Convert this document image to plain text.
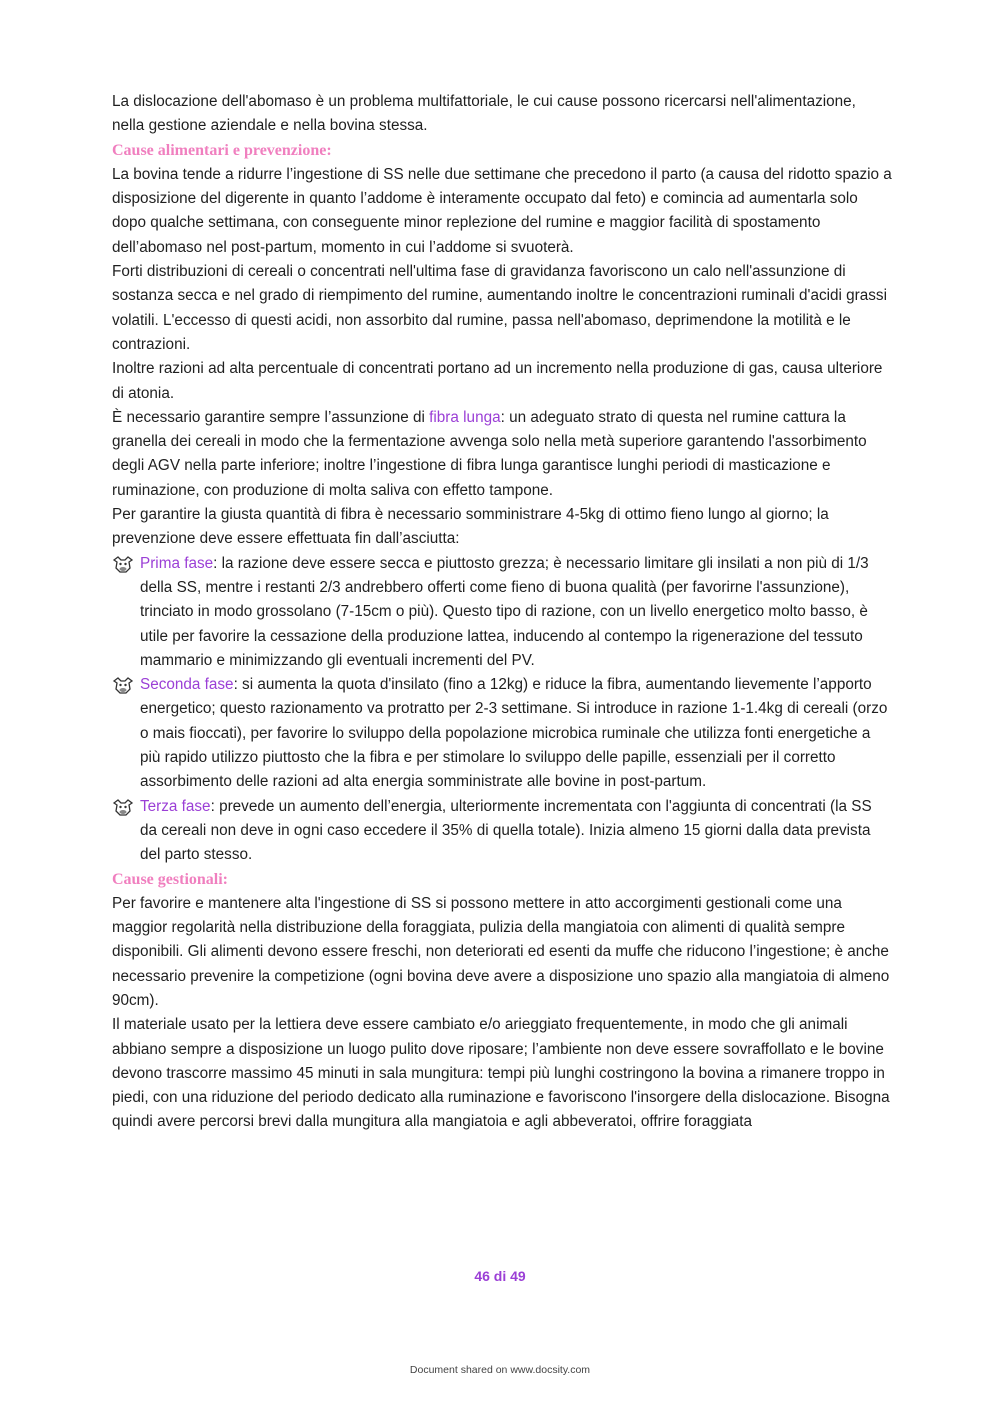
La dislocazione dell'abomaso è un problema multifattoriale, le cui cause possono ricercarsi nell'alimentazione, nella gestione aziendale e nella bovina stessa.

Cause alimentari e prevenzione:

La bovina tende a ridurre l’ingestione di SS nelle due settimane che precedono il parto (a causa del ridotto spazio a disposizione del digerente in quanto l’addome è interamente occupato dal feto) e comincia ad aumentarla solo dopo qualche settimana, con conseguente minor replezione del rumine e maggior facilità di spostamento dell’abomaso nel post-partum, momento in cui l’addome si svuoterà.

Forti distribuzioni di cereali o concentrati nell'ultima fase di gravidanza favoriscono un calo nell'assunzione di sostanza secca e nel grado di riempimento del rumine, aumentando inoltre le concentrazioni ruminali d'acidi grassi volatili. L'eccesso di questi acidi, non assorbito dal rumine, passa nell'abomaso, deprimendone la motilità e le contrazioni.

Inoltre razioni ad alta percentuale di concentrati portano ad un incremento nella produzione di gas, causa ulteriore di atonia.

È necessario garantire sempre l’assunzione di fibra lunga: un adeguato strato di questa nel rumine cattura la granella dei cereali in modo che la fermentazione avvenga solo nella metà superiore garantendo l'assorbimento degli AGV nella parte inferiore; inoltre l’ingestione di fibra lunga garantisce lunghi periodi di masticazione e ruminazione, con produzione di molta saliva con effetto tampone.

Per garantire la giusta quantità di fibra è necessario somministrare 4-5kg di ottimo fieno lungo al giorno; la prevenzione deve essere effettuata fin dall’asciutta:

Prima fase: la razione deve essere secca e piuttosto grezza; è necessario limitare gli insilati a non più di 1/3 della SS, mentre i restanti 2/3 andrebbero offerti come fieno di buona qualità (per favorirne l'assunzione), trinciato in modo grossolano (7-15cm o più). Questo tipo di razione, con un livello energetico molto basso, è utile per favorire la cessazione della produzione lattea, inducendo al contempo la rigenerazione del tessuto mammario e minimizzando gli eventuali incrementi del PV.
Seconda fase: si aumenta la quota d'insilato (fino a 12kg) e riduce la fibra, aumentando lievemente l’apporto energetico; questo razionamento va protratto per 2-3 settimane. Si introduce in razione 1-1.4kg di cereali (orzo o mais fioccati), per favorire lo sviluppo della popolazione microbica ruminale che utilizza fonti energetiche a più rapido utilizzo piuttosto che la fibra e per stimolare lo sviluppo delle papille, essenziali per il corretto assorbimento delle razioni ad alta energia somministrate alle bovine in post-partum.
Terza fase: prevede un aumento dell’energia, ulteriormente incrementata con l'aggiunta di concentrati (la SS da cereali non deve in ogni caso eccedere il 35% di quella totale). Inizia almeno 15 giorni dalla data prevista del parto stesso.
Cause gestionali:

Per favorire e mantenere alta l'ingestione di SS si possono mettere in atto accorgimenti gestionali come una maggior regolarità nella distribuzione della foraggiata, pulizia della mangiatoia con alimenti di qualità sempre disponibili. Gli alimenti devono essere freschi, non deteriorati ed esenti da muffe che riducono l’ingestione; è anche necessario prevenire la competizione (ogni bovina deve avere a disposizione uno spazio alla mangiatoia di almeno 90cm).

Il materiale usato per la lettiera deve essere cambiato e/o arieggiato frequentemente, in modo che gli animali abbiano sempre a disposizione un luogo pulito dove riposare; l’ambiente non deve essere sovraffollato e le bovine devono trascorre massimo 45 minuti in sala mungitura: tempi più lunghi costringono la bovina a rimanere troppo in piedi, con una riduzione del periodo dedicato alla ruminazione e favoriscono l'insorgere della dislocazione. Bisogna quindi avere percorsi brevi dalla mungitura alla mangiatoia e agli abbeveratoi, offrire foraggiata

46 di 49
Document shared on www.docsity.com
